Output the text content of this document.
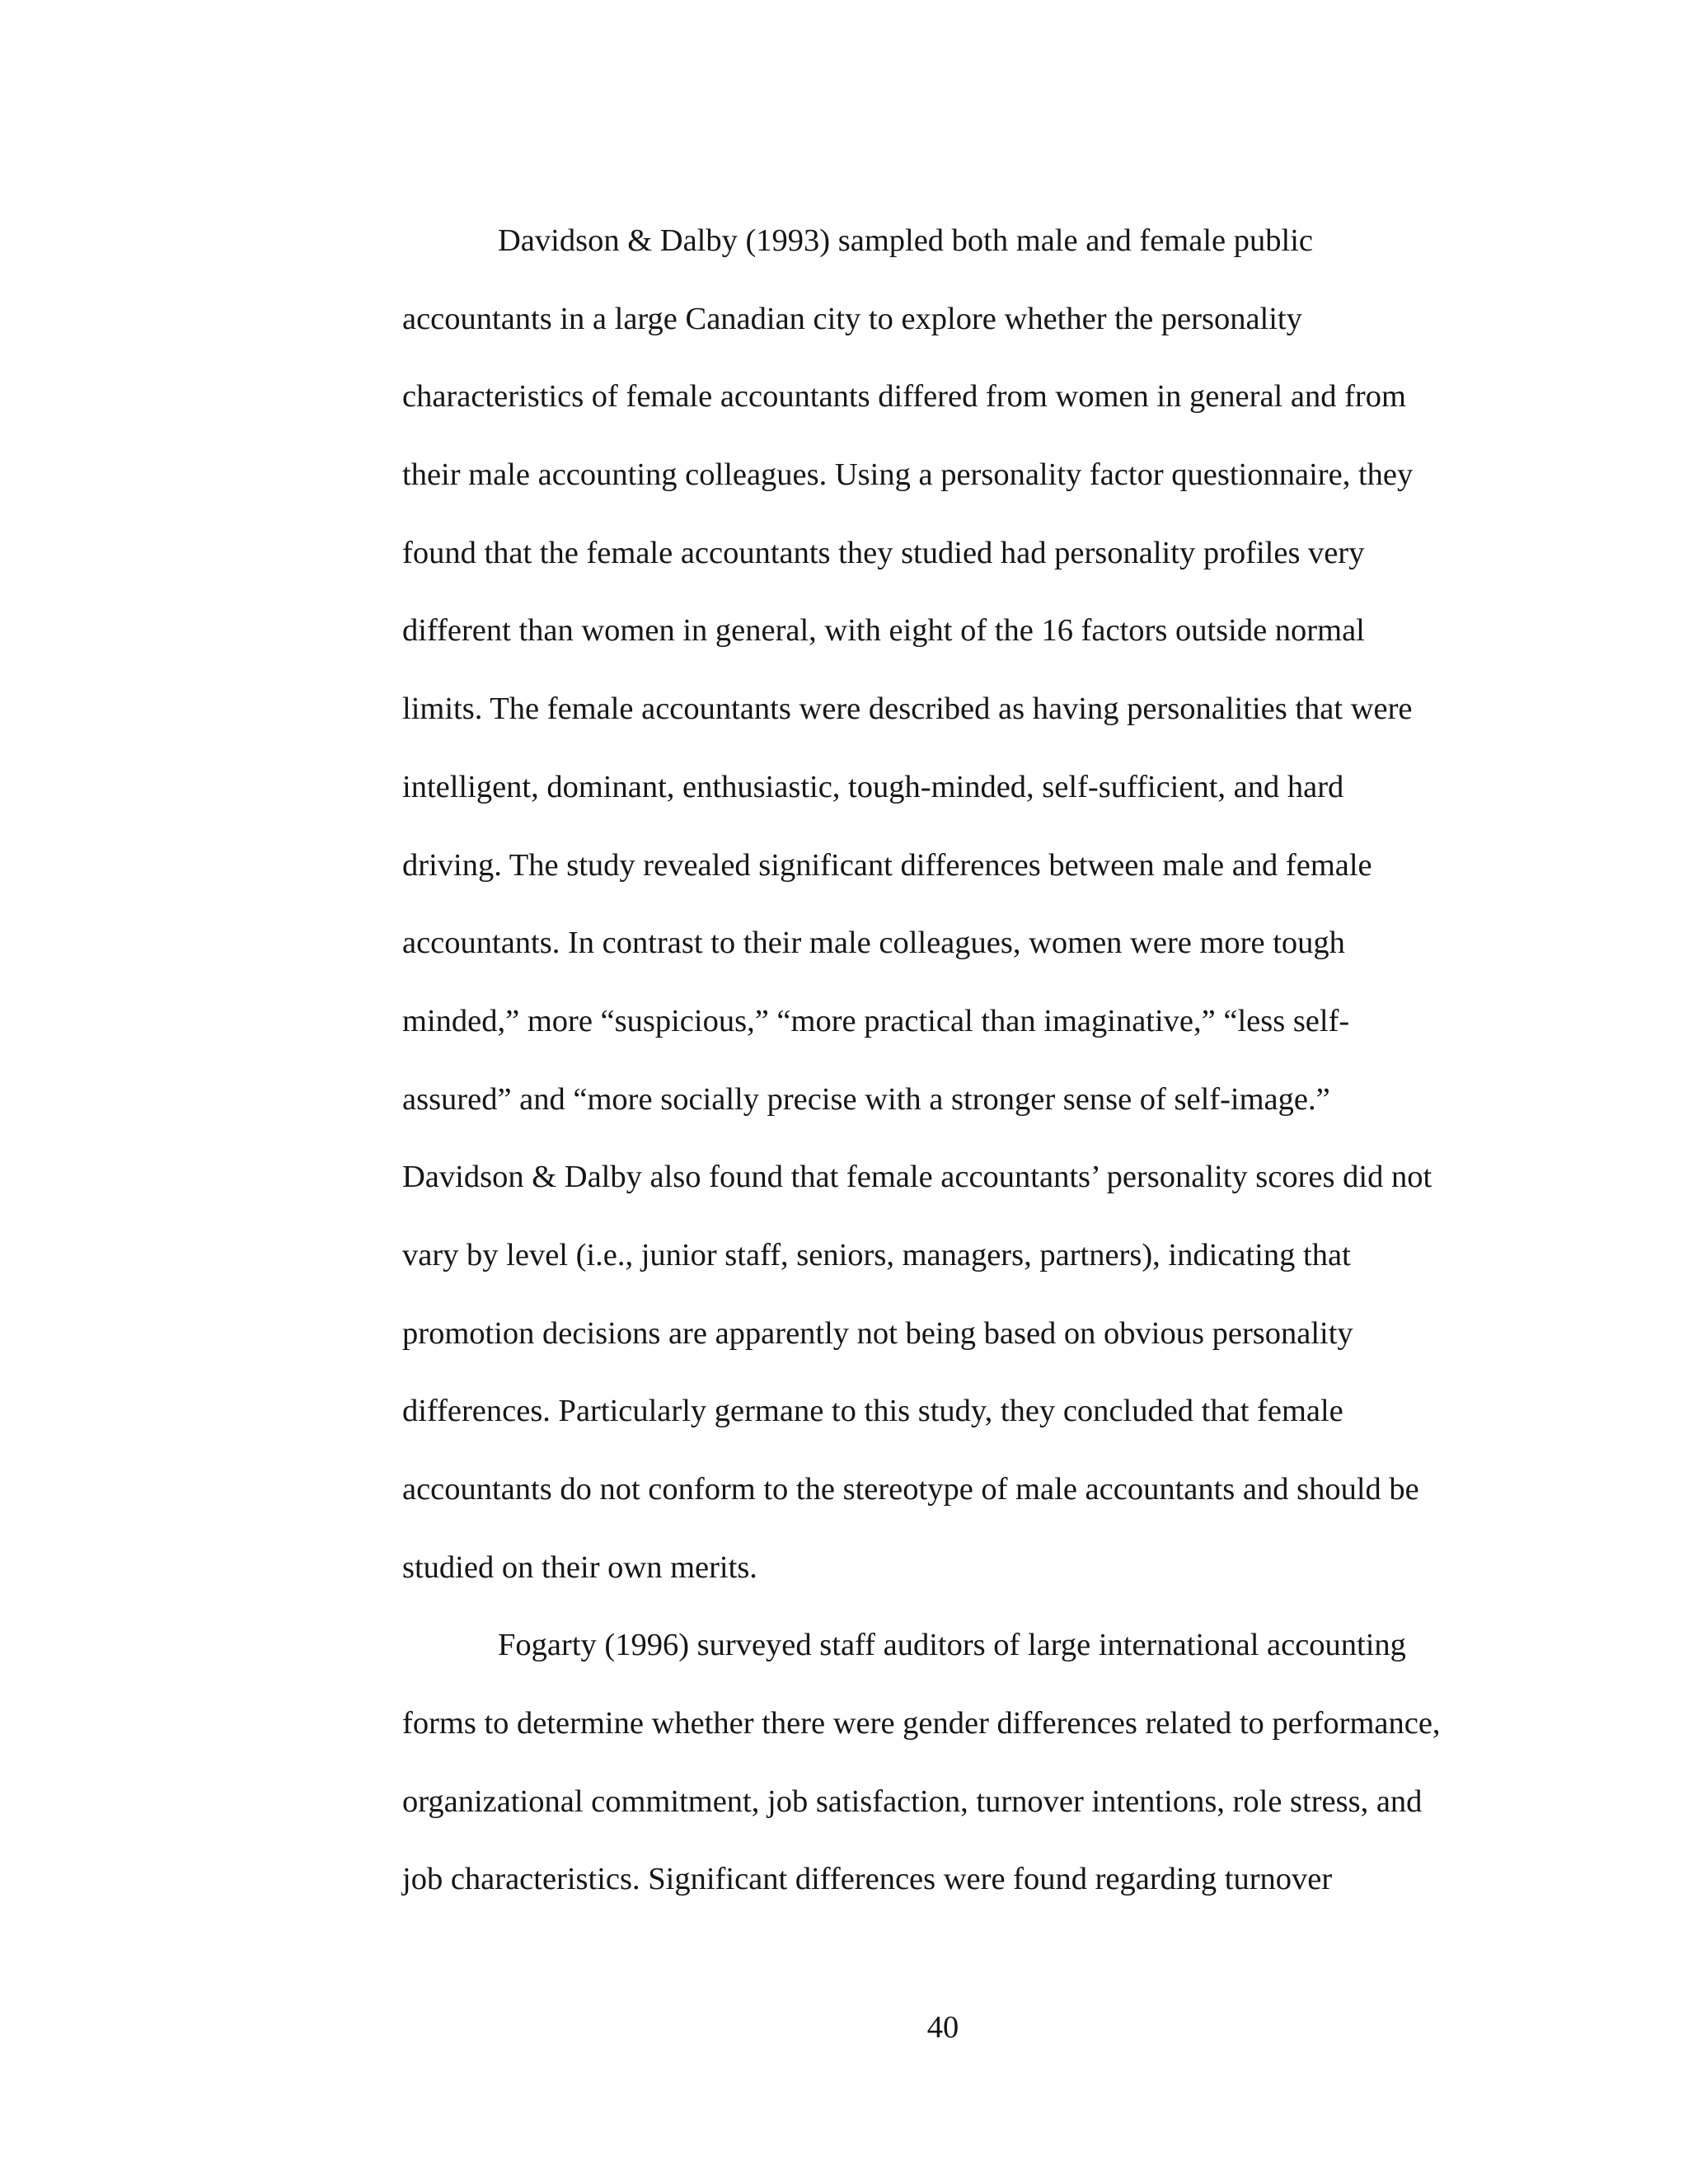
Davidson & Dalby (1993) sampled both male and female public
accountants in a large Canadian city to explore whether the personality
characteristics of female accountants differed from women in general and from
their male accounting colleagues. Using a personality factor questionnaire, they
found that the female accountants they studied had personality profiles very
different than women in general, with eight of the 16 factors outside normal
limits. The female accountants were described as having personalities that were
intelligent, dominant, enthusiastic, tough-minded, self-sufficient, and hard
driving. The study revealed significant differences between male and female
accountants. In contrast to their male colleagues, women were more tough
minded,” more “suspicious,” “more practical than imaginative,” “less self-
assured” and “more socially precise with a stronger sense of self-image.”
Davidson & Dalby also found that female accountants’ personality scores did not
vary by level (i.e., junior staff, seniors, managers, partners), indicating that
promotion decisions are apparently not being based on obvious personality
differences. Particularly germane to this study, they concluded that female
accountants do not conform to the stereotype of male accountants and should be
studied on their own merits.
Fogarty (1996) surveyed staff auditors of large international accounting
forms to determine whether there were gender differences related to performance,
organizational commitment, job satisfaction, turnover intentions, role stress, and
job characteristics. Significant differences were found regarding turnover
40
